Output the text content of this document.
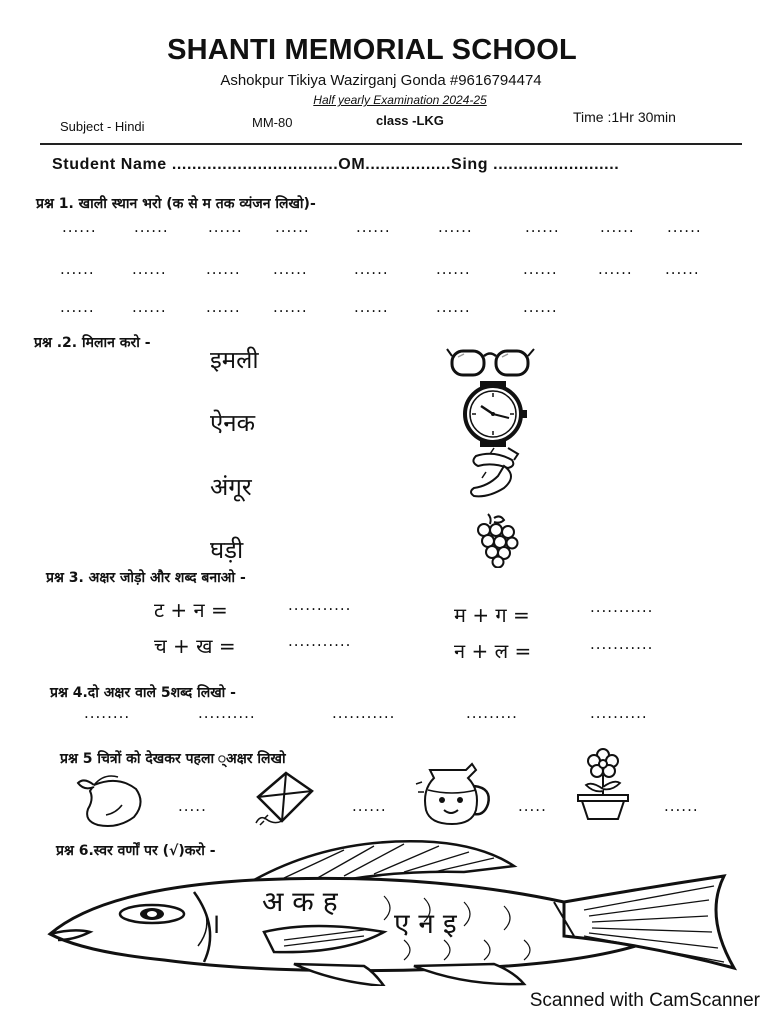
SHANTI MEMORIAL SCHOOL
Ashokpur Tikiya Wazirganj Gonda #9616794474
Half yearly Examination 2024-25
Subject - Hindi	MM-80	class -LKG	Time :1Hr 30min
Student Name .................................OM.................Sing .........................
प्रश्न 1. खाली स्थान भरो (क से म तक व्यंजन लिखो)-
...... ......	...... ......	......	......	......	...... ......
...... ......	...... ......	......	......	......	...... ......
...... ......	...... ......	......	......	......
प्रश्न .2. मिलान करो -
इमली
ऐनक
अंगूर
घड़ी
प्रश्न 3. अक्षर जोड़ो और शब्द बनाओ -
ट + न =	...........	म + ग =	...........
च + ख =	...........	न + ल =	...........
प्रश्न 4.दो अक्षर वाले 5शब्द लिखो -
........	..........	...........	.........	..........
प्रश्न 5 चित्रों को देखकर पहला ्अक्षर लिखो
.....	......	.....	......
प्रश्न 6.स्वर वर्णों पर (√)करो -
।
अ क ह
ए न इ
Scanned with CamScanner
